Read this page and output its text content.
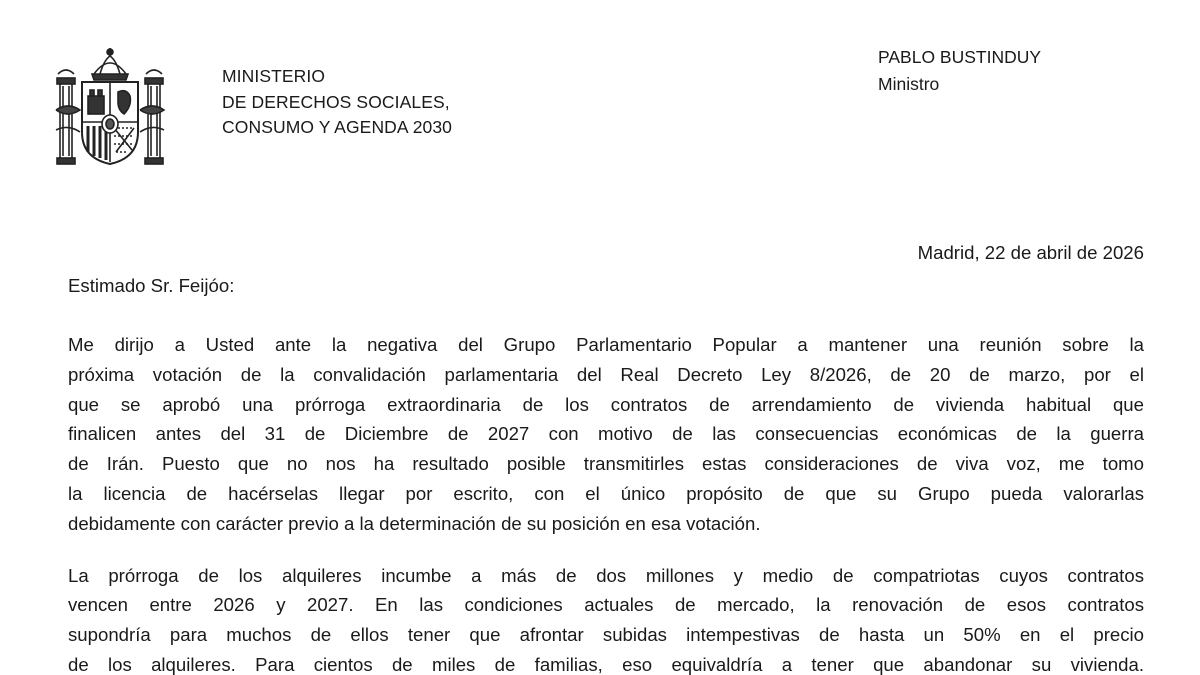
MINISTERIO
DE DERECHOS SOCIALES,
CONSUMO Y AGENDA 2030
PABLO BUSTINDUY
Ministro
Madrid, 22 de abril de 2026
Estimado Sr. Feijóo:
Me dirijo a Usted ante la negativa del Grupo Parlamentario Popular a mantener una reunión sobre la
próxima votación de la convalidación parlamentaria del Real Decreto Ley 8/2026, de 20 de marzo, por el
que se aprobó una prórroga extraordinaria de los contratos de arrendamiento de vivienda habitual que
finalicen antes del 31 de Diciembre de 2027 con motivo de las consecuencias económicas de la guerra
de Irán. Puesto que no nos ha resultado posible transmitirles estas consideraciones de viva voz, me tomo
la licencia de hacérselas llegar por escrito, con el único propósito de que su Grupo pueda valorarlas
debidamente con carácter previo a la determinación de su posición en esa votación.
La prórroga de los alquileres incumbe a más de dos millones y medio de compatriotas cuyos contratos
vencen entre 2026 y 2027. En las condiciones actuales de mercado, la renovación de esos contratos
supondría para muchos de ellos tener que afrontar subidas intempestivas de hasta un 50% en el precio
de los alquileres. Para cientos de miles de familias, eso equivaldría a tener que abandonar su vivienda.
